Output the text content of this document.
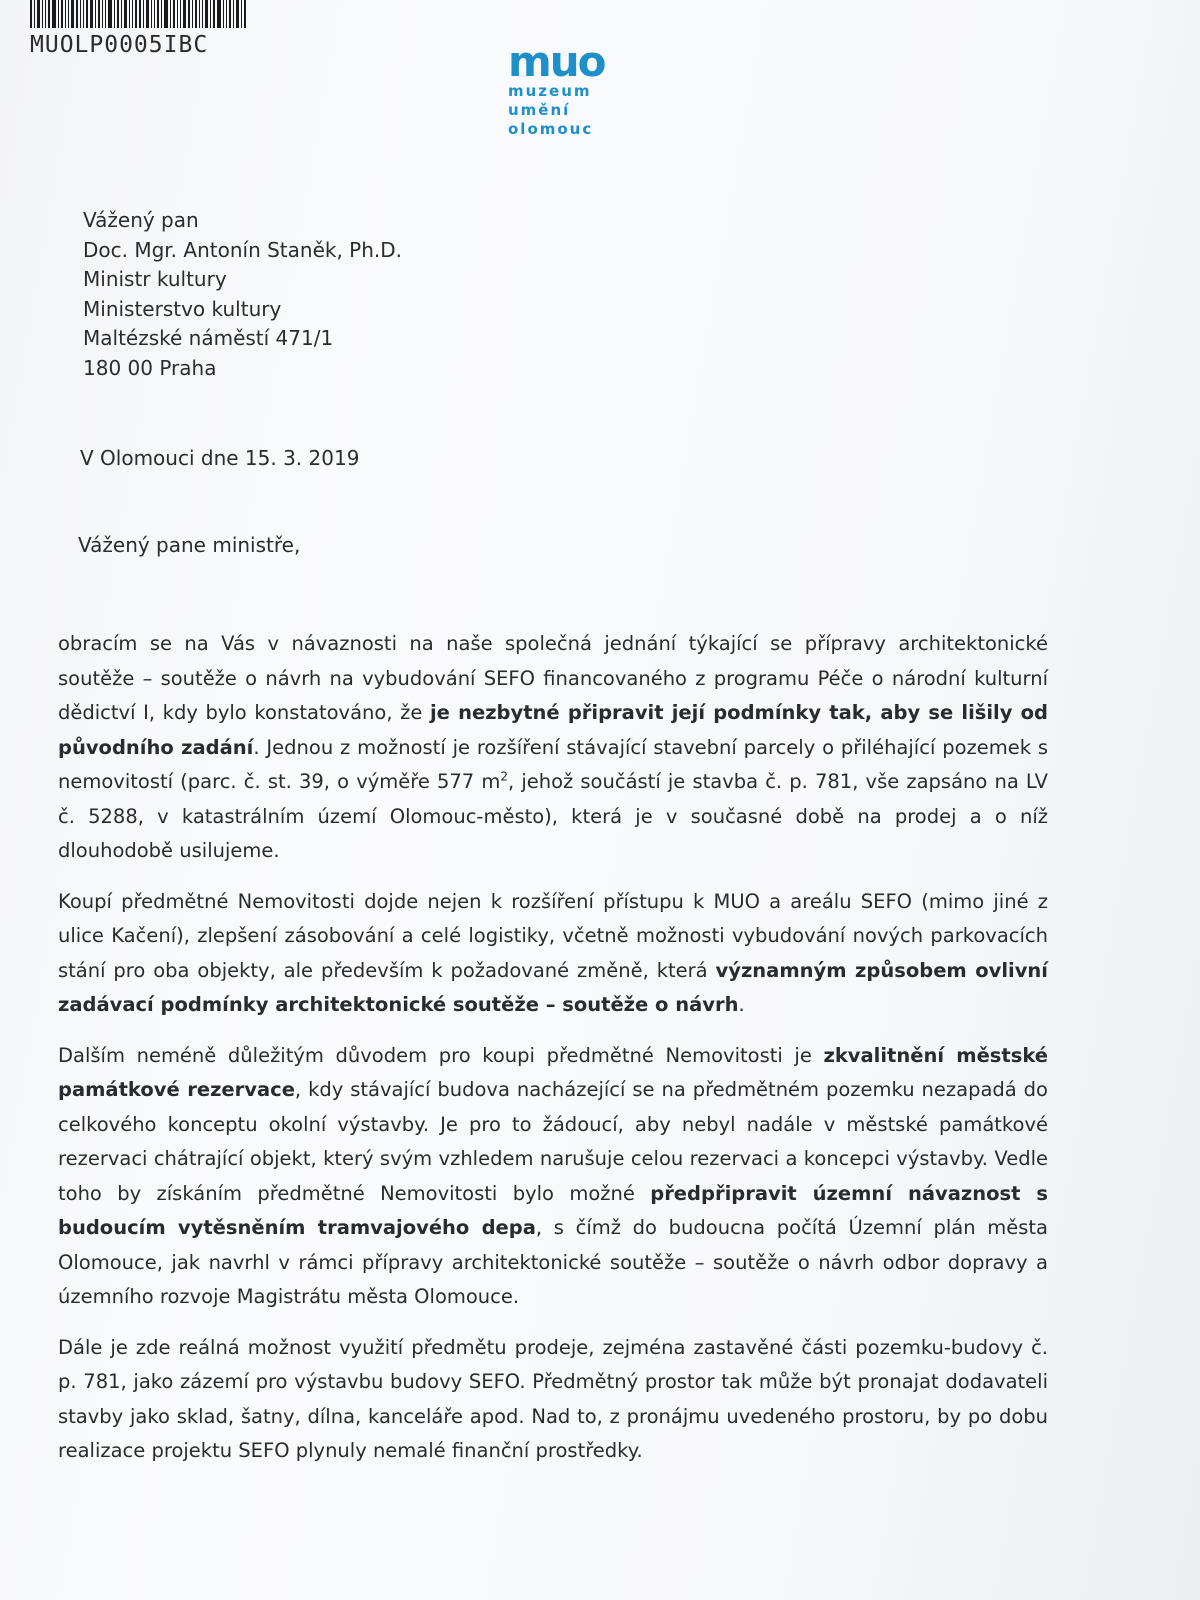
MUOLP0005IBC	muo
muzeum
umění
olomouc
Vážený pan
Doc. Mgr. Antonín Staněk, Ph.D.
Ministr kultury
Ministerstvo kultury
Maltézské náměstí 471/1
180 00 Praha
V Olomouci dne 15. 3. 2019
Vážený pane ministře,

obracím se na Vás v návaznosti na naše společná jednání týkající se přípravy architektonické soutěže – soutěže o návrh na vybudování SEFO financovaného z programu Péče o národní kulturní dědictví I, kdy bylo konstatováno, že je nezbytné připravit její podmínky tak, aby se lišily od původního zadání. Jednou z možností je rozšíření stávající stavební parcely o přiléhající pozemek s nemovitostí (parc. č. st. 39, o výměře 577 $m^2$, jehož součástí je stavba č. p. 781, vše zapsáno na LV č. 5288, v katastrálním území Olomouc-město), která je v současné době na prodej a o níž dlouhodobě usilujeme.

Koupí předmětné Nemovitosti dojde nejen k rozšíření přístupu k MUO a areálu SEFO (mimo jiné z ulice Kačení), zlepšení zásobování a celé logistiky, včetně možnosti vybudování nových parkovacích stání pro oba objekty, ale především k požadované změně, která významným způsobem ovlivní zadávací podmínky architektonické soutěže – soutěže o návrh.

Dalším neméně důležitým důvodem pro koupi předmětné Nemovitosti je zkvalitnění městské památkové rezervace, kdy stávající budova nacházející se na předmětném pozemku nezapadá do celkového konceptu okolní výstavby. Je pro to žádoucí, aby nebyl nadále v městské památkové rezervaci chátrající objekt, který svým vzhledem narušuje celou rezervaci a koncepci výstavby. Vedle toho by získáním předmětné Nemovitosti bylo možné předpřipravit územní návaznost s budoucím vytěsněním tramvajového depa, s čímž do budoucna počítá Územní plán města Olomouce, jak navrhl v rámci přípravy architektonické soutěže – soutěže o návrh odbor dopravy a územního rozvoje Magistrátu města Olomouce.

Dále je zde reálná možnost využití předmětu prodeje, zejména zastavěné části pozemku-budovy č. p. 781, jako zázemí pro výstavbu budovy SEFO. Předmětný prostor tak může být pronajat dodavateli stavby jako sklad, šatny, dílna, kanceláře apod. Nad to, z pronájmu uvedeného prostoru, by po dobu realizace projektu SEFO plynuly nemalé finanční prostředky.
